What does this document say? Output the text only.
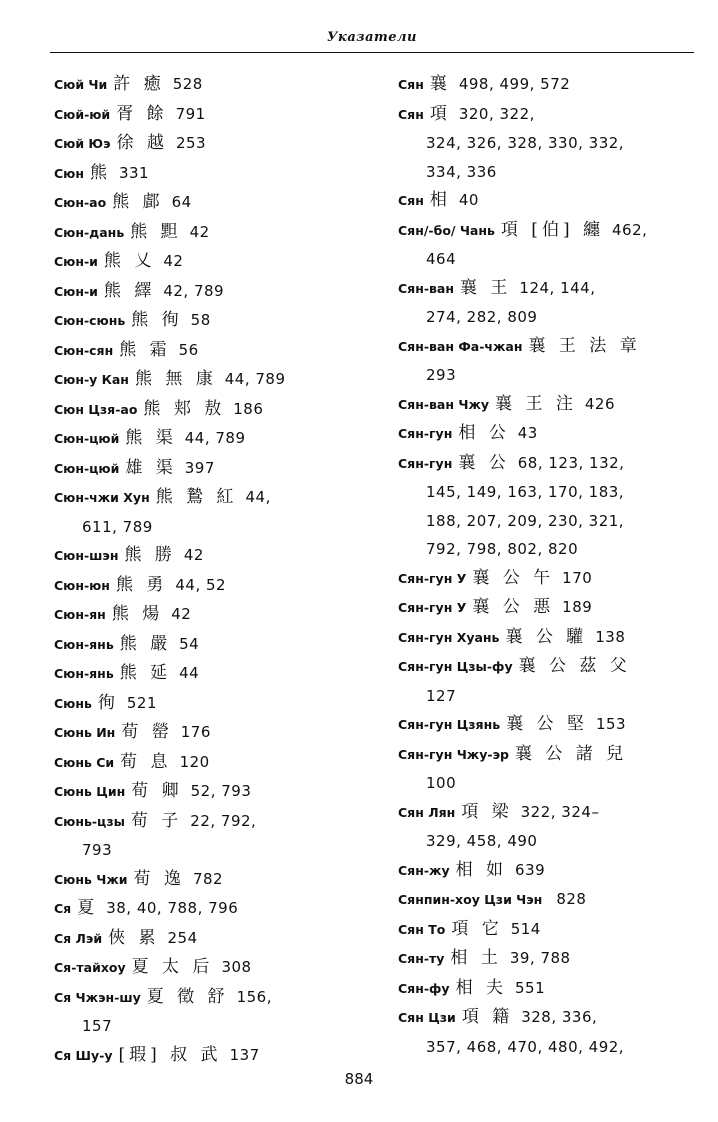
Указатели
Сюй Чи 許 癒 528
Сюй-юй 胥 餘 791
Сюй Юэ 徐 越 253
Сюн 熊 331
Сюн-ао 熊 䣜 64
Сюн-дань 熊 䵣 42
Сюн-и 熊 乂 42
Сюн-и 熊 繹 42, 789
Сюн-сюнь 熊 徇 58
Сюн-сян 熊 霜 56
Сюн-у Кан 熊 無 康 44, 789
Сюн Цзя-ао 熊 郏 敖 186
Сюн-цюй 熊 渠 44, 789
Сюн-цюй 雄 渠 397
Сюн-чжи Хун 熊 鷙 紅 44,
611, 789
Сюн-шэн 熊 勝 42
Сюн-юн 熊 勇 44, 52
Сюн-ян 熊 煬 42
Сюн-янь 熊 嚴 54
Сюн-янь 熊 延 44
Сюнь 徇 521
Сюнь Ин 荀 罃 176
Сюнь Си 荀 息 120
Сюнь Цин 荀 卿 52, 793
Сюнь-цзы 荀 子 22, 792,
793
Сюнь Чжи 荀 逸 782
Ся 夏 38, 40, 788, 796
Ся Лэй 俠 累 254
Ся-тайхоу 夏 太 后 308
Ся Чжэн-шу 夏 徵 舒 156,
157
Ся Шу-у [瑕] 叔 武 137
Сян 襄 498, 499, 572
Сян 項 320, 322,
324, 326, 328, 330, 332,
334, 336
Сян 相 40
Сян/-бо/ Чань 項 [伯] 纏 462,
464
Сян-ван 襄 王 124, 144,
274, 282, 809
Сян-ван Фа-чжан 襄 王 法 章
293
Сян-ван Чжу 襄 王 注 426
Сян-гун 相 公 43
Сян-гун 襄 公 68, 123, 132,
145, 149, 163, 170, 183,
188, 207, 209, 230, 321,
792, 798, 802, 820
Сян-гун У 襄 公 午 170
Сян-гун У 襄 公 悪 189
Сян-гун Хуань 襄 公 驩 138
Сян-гун Цзы-фу 襄 公 茲 父
127
Сян-гун Цзянь 襄 公 堅 153
Сян-гун Чжу-эр 襄 公 諸 兒
100
Сян Лян 項 梁 322, 324–
329, 458, 490
Сян-жу 相 如 639
Сянпин-хоу Цзи Чэн 828
Сян То 項 它 514
Сян-ту 相 土 39, 788
Сян-фу 相 夫 551
Сян Цзи 項 籍 328, 336,
357, 468, 470, 480, 492,
884
